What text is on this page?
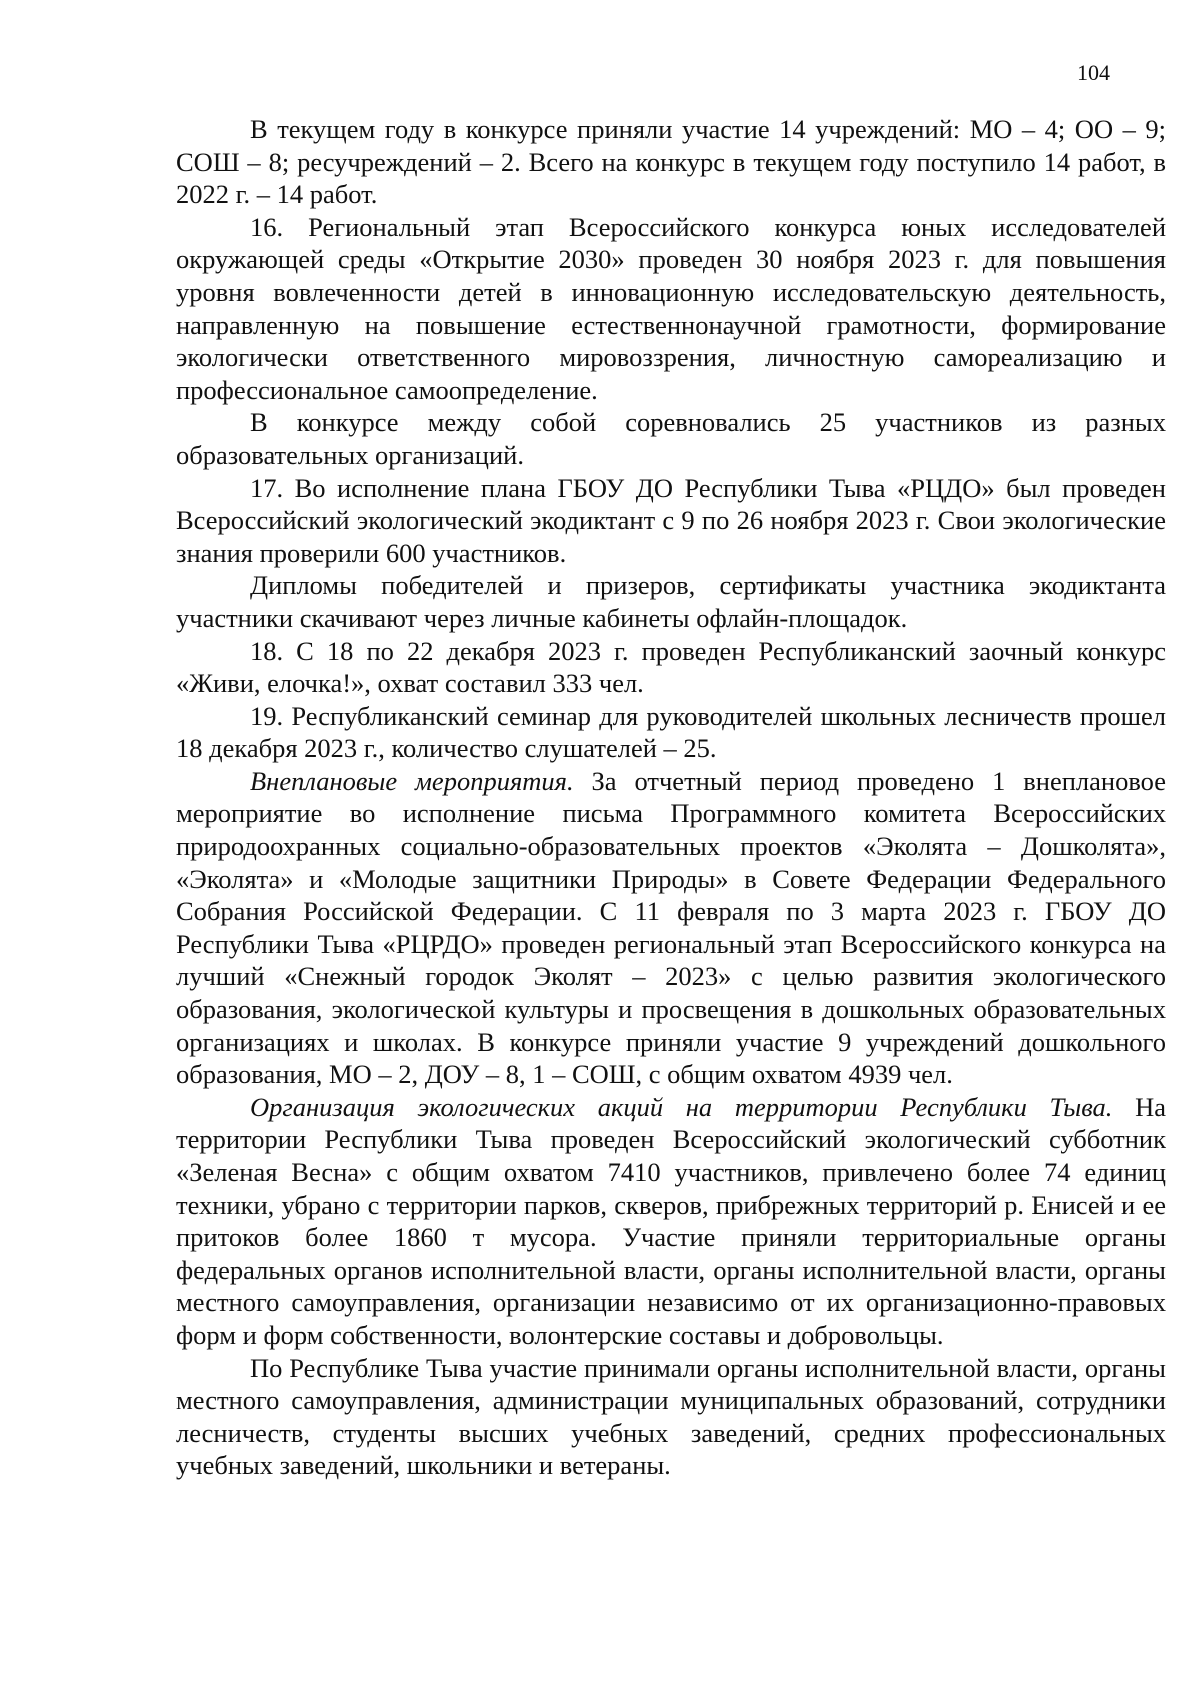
104

В текущем году в конкурсе приняли участие 14 учреждений: МО – 4; ОО – 9; СОШ – 8; ресучреждений – 2. Всего на конкурс в текущем году поступило 14 работ, в 2022 г. – 14 работ.

16. Региональный этап Всероссийского конкурса юных исследователей окружающей среды «Открытие 2030» проведен 30 ноября 2023 г. для повышения уровня вовлеченности детей в инновационную исследовательскую деятельность, направленную на повышение естественнонаучной грамотности, формирование экологически ответственного мировоззрения, личностную самореализацию и профессиональное самоопределение.

В конкурсе между собой соревновались 25 участников из разных образовательных организаций.

17. Во исполнение плана ГБОУ ДО Республики Тыва «РЦДО» был проведен Всероссийский экологический экодиктант с 9 по 26 ноября 2023 г. Свои экологические знания проверили 600 участников.

Дипломы победителей и призеров, сертификаты участника экодиктанта участники скачивают через личные кабинеты офлайн-площадок.

18. С 18 по 22 декабря 2023 г. проведен Республиканский заочный конкурс «Живи, елочка!», охват составил 333 чел.

19. Республиканский семинар для руководителей школьных лесничеств прошел 18 декабря 2023 г., количество слушателей – 25.

Внеплановые мероприятия. За отчетный период проведено 1 внеплановое мероприятие во исполнение письма Программного комитета Всероссийских природоохранных социально-образовательных проектов «Эколята – Дошколята», «Эколята» и «Молодые защитники Природы» в Совете Федерации Федерального Собрания Российской Федерации. С 11 февраля по 3 марта 2023 г. ГБОУ ДО Республики Тыва «РЦРДО» проведен региональный этап Всероссийского конкурса на лучший «Снежный городок Эколят – 2023» с целью развития экологического образования, экологической культуры и просвещения в дошкольных образовательных организациях и школах. В конкурсе приняли участие 9 учреждений дошкольного образования, МО – 2, ДОУ – 8, 1 – СОШ, с общим охватом 4939 чел.

Организация экологических акций на территории Республики Тыва. На территории Республики Тыва проведен Всероссийский экологический субботник «Зеленая Весна» с общим охватом 7410 участников, привлечено более 74 единиц техники, убрано с территории парков, скверов, прибрежных территорий р. Енисей и ее притоков более 1860 т мусора. Участие приняли территориальные органы федеральных органов исполнительной власти, органы исполнительной власти, органы местного самоуправления, организации независимо от их организационно-правовых форм и форм собственности, волонтерские составы и добровольцы.

По Республике Тыва участие принимали органы исполнительной власти, органы местного самоуправления, администрации муниципальных образований, сотрудники лесничеств, студенты высших учебных заведений, средних профессиональных учебных заведений, школьники и ветераны.
